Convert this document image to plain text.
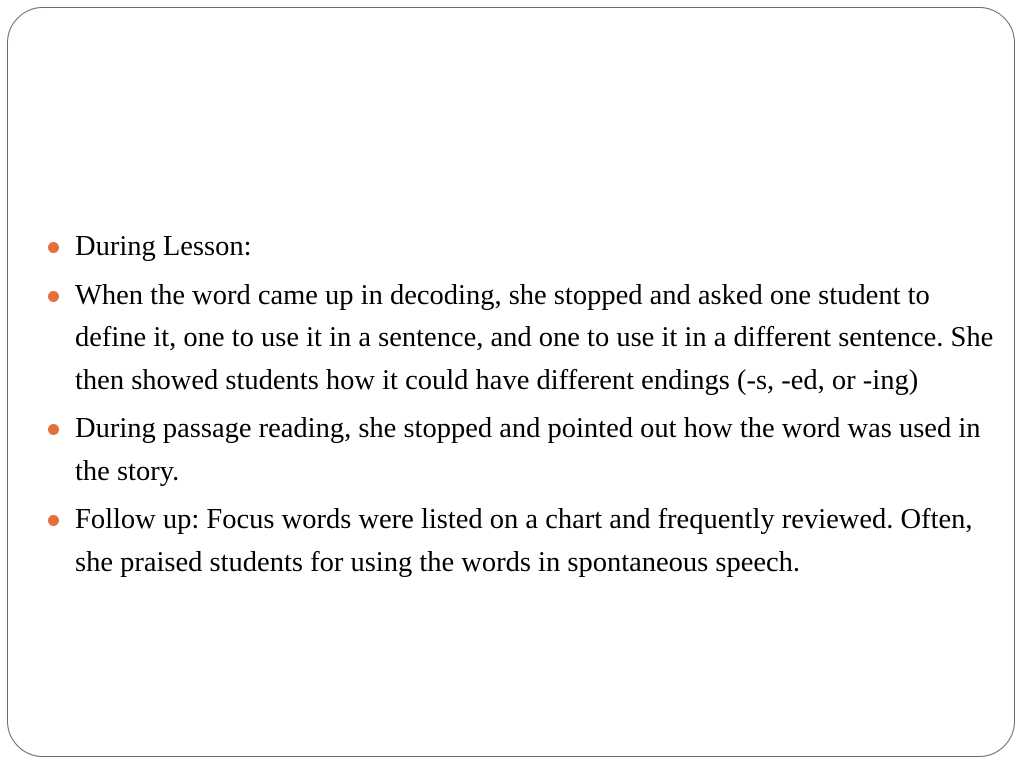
During Lesson:
When the word came up in decoding, she stopped and asked one student to define it, one to use it in a sentence, and one to use it in a different sentence. She then showed students how it could have different endings (-s, -ed, or -ing)
During passage reading, she stopped and pointed out how the word was used in the story.
Follow up: Focus words were listed on a chart and frequently reviewed. Often, she praised students for using the words in spontaneous speech.
